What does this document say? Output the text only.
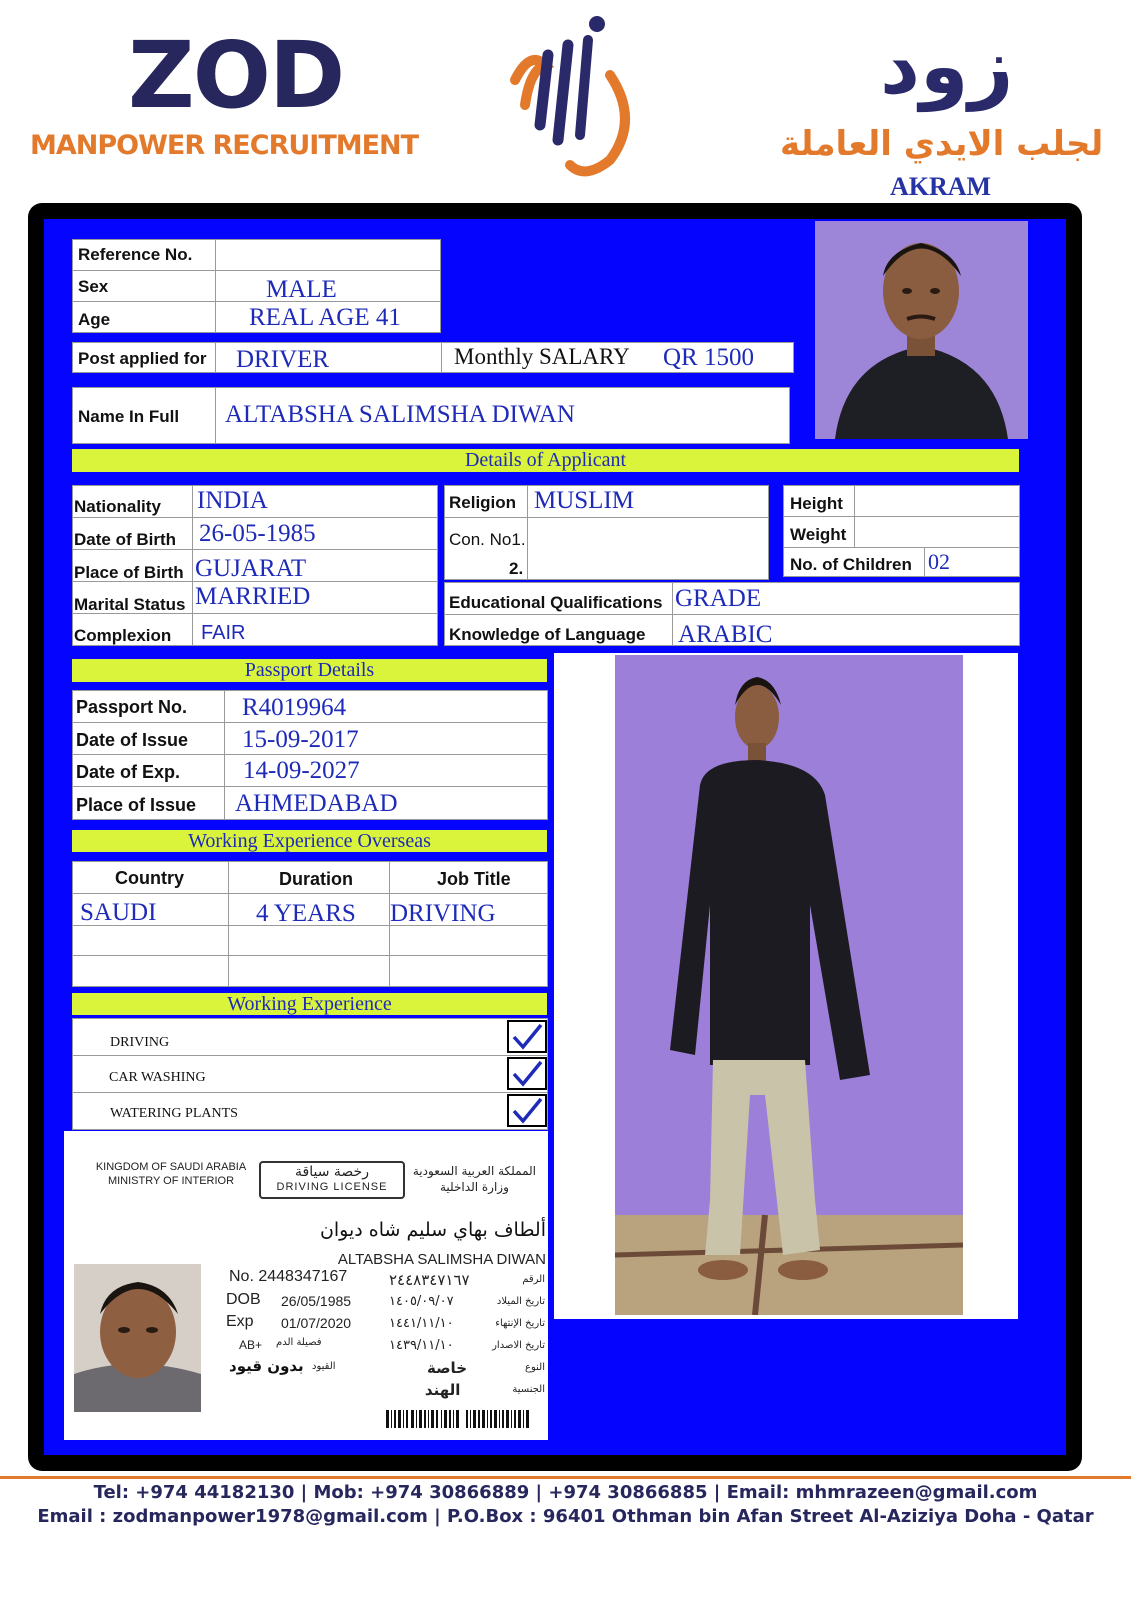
ZOD
MANPOWER RECRUITMENT
زود
لجلب الايدي العاملة
AKRAM
Reference No.
Sex	MALE
Age	REAL AGE 41
Post applied for DRIVER	Monthly SALARY QR 1500
Name In Full ALTABSHA SALIMSHA DIWAN
Details of Applicant
Nationality INDIA
Date of Birth 26-05-1985
Place of Birth GUJARAT
Marital Status MARRIED
Complexion FAIR
Religion MUSLIM
Con. No1.
2.
Height
Weight
No. of Children 02
Educational Qualifications GRADE
Knowledge of Language ARABIC
Passport Details
Passport No. R4019964
Date of Issue 15-09-2017
Date of Exp.	14-09-2027
Place of Issue AHMEDABAD
Working Experience Overseas
Country	Duration	Job Title
SAUDI	4 YEARS DRIVING
Working Experience
DRIVING
CAR WASHING
WATERING PLANTS
KINGDOM OF SAUDI ARABIA
MINISTRY OF INTERIOR
رخصة سياقة
DRIVING LICENSE
المملكة العربية السعودية
وزارة الداخلية
ألطاف بهاي سليم شاه ديوان
ALTABSHA SALIMSHA DIWAN
No. 2448347167
DOB 26/05/1985
Exp 01/07/2020
AB+ فصيلة الدم
بدون قيود القيود
الرقم
٢٤٤٨٣٤٧١٦٧
تاريخ الميلاد
١٤٠٥/٠٩/٠٧
تاريخ الإنتهاء
١٤٤١/١١/١٠
تاريخ الاصدار
١٤٣٩/١١/١٠
النوع
خاصة
الجنسية
الهند
Tel: +974 44182130 | Mob: +974 30866889 | +974 30866885 | Email: mhmrazeen@gmail.com
Email : zodmanpower1978@gmail.com | P.O.Box : 96401 Othman bin Afan Street Al-Aziziya Doha - Qatar
